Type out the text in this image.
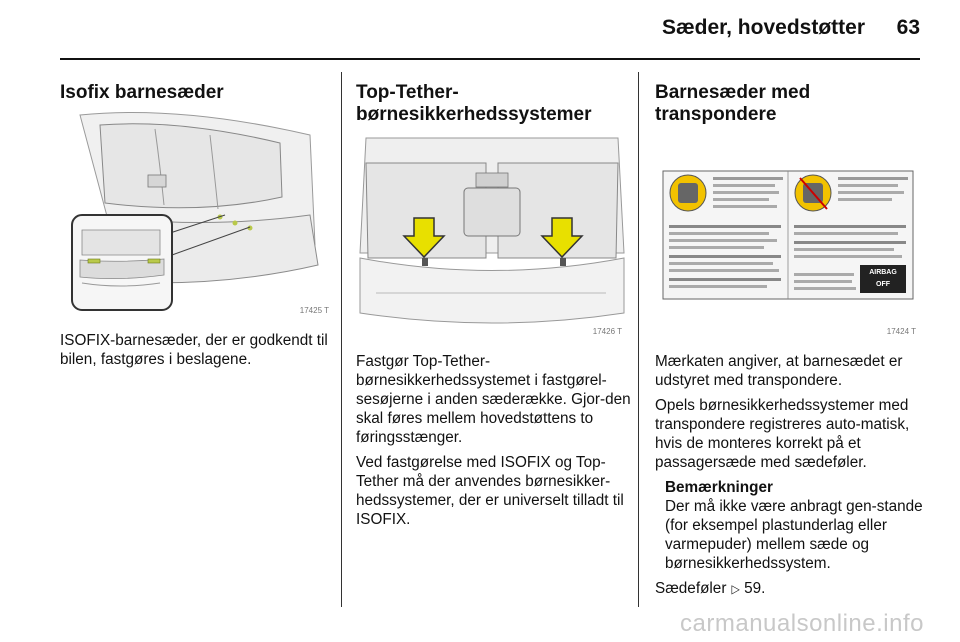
Sæder, hovedstøtter 63
Isofix barnesæder
17425 T

ISOFIX-barnesæder, der er godkendt til bilen, fastgøres i beslagene.

Top-Tether-
børnesikkerhedssystemer
17426 T

Fastgør Top-Tether-børnesikkerhedssystemet i fastgørel-sesøjerne i anden sæderække. Gjor-den skal føres mellem hovedstøttens to føringsstænger.

Ved fastgørelse med ISOFIX og Top-Tether må der anvendes børnesikker-hedssystemer, der er universelt tilladt til ISOFIX.

Barnesæder med
transpondere
AIRBAG
OFF
17424 T

Mærkaten angiver, at barnesædet er udstyret med transpondere.

Opels børnesikkerhedssystemer med transpondere registreres auto-matisk, hvis de monteres korrekt på et passagersæde med sædeføler.

Bemærkninger
Der må ikke være anbragt gen-stande (for eksempel plastunderlag eller varmepuder) mellem sæde og børnesikkerhedssystem.

Sædeføler ▷ 59.

carmanualsonline.info
